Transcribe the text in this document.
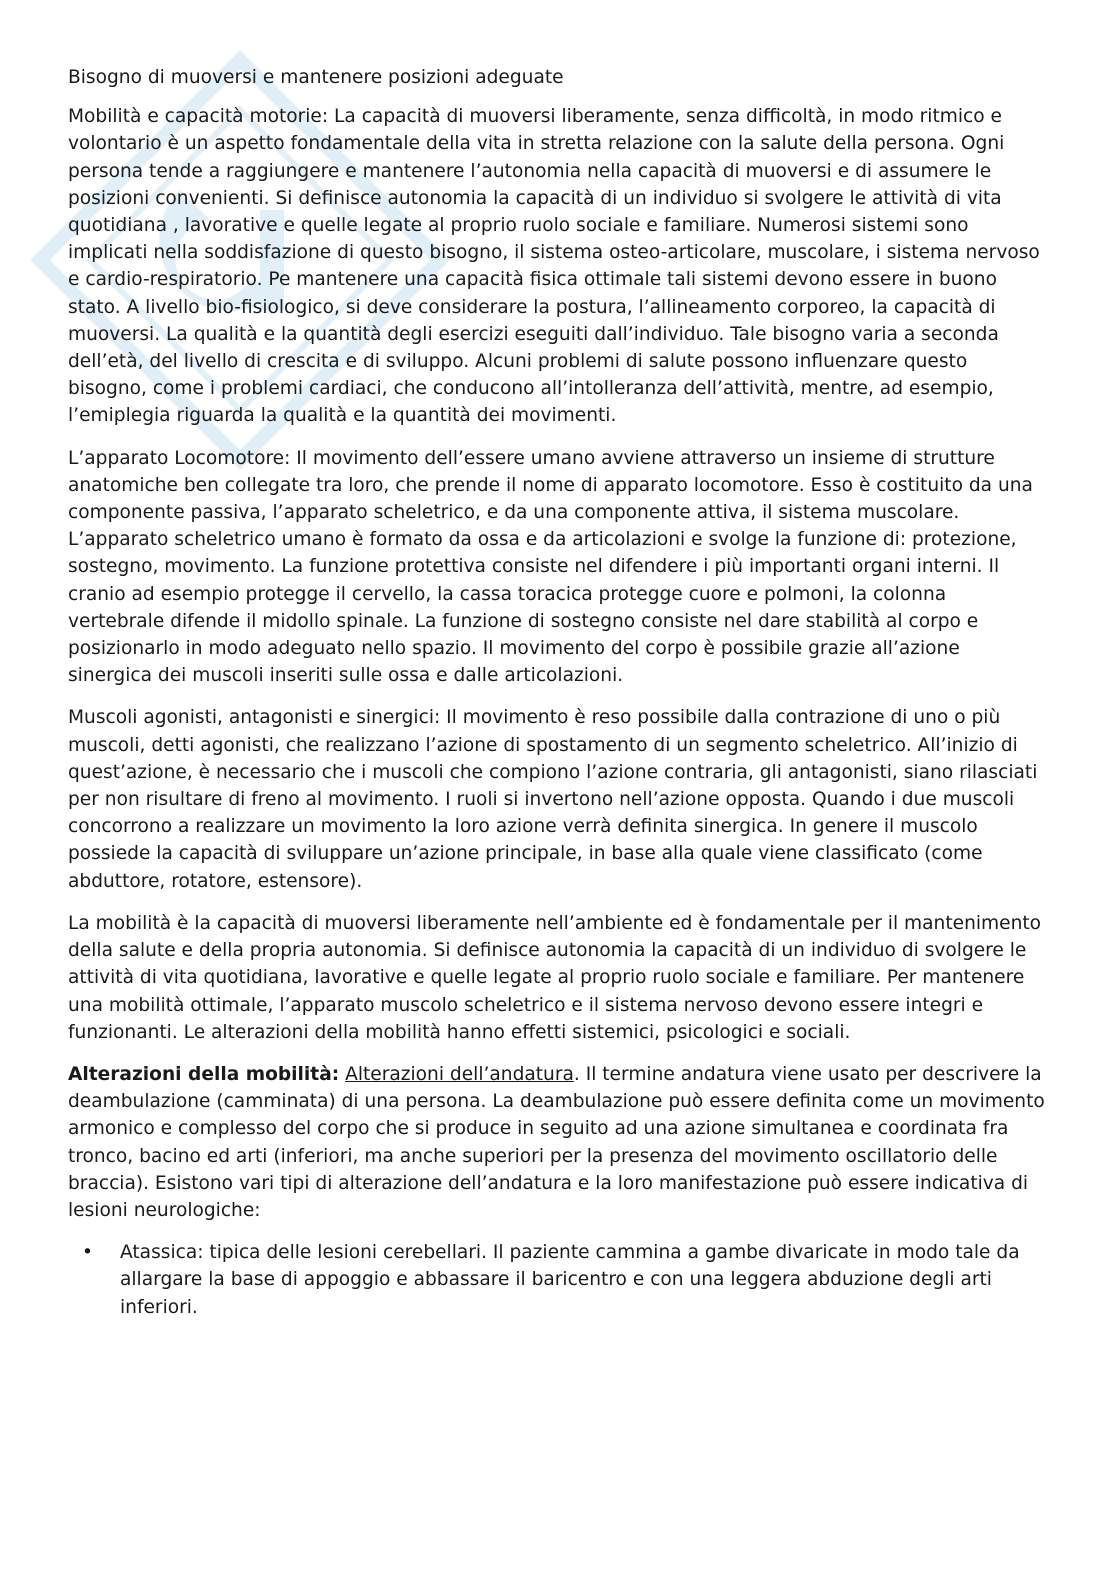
Bisogno di muoversi e mantenere posizioni adeguate

Mobilità e capacità motorie: La capacità di muoversi liberamente, senza difficoltà, in modo ritmico e volontario è un aspetto fondamentale della vita in stretta relazione con la salute della persona. Ogni persona tende a raggiungere e mantenere l’autonomia nella capacità di muoversi e di assumere le posizioni convenienti. Si definisce autonomia la capacità di un individuo si svolgere le attività di vita quotidiana , lavorative e quelle legate al proprio ruolo sociale e familiare. Numerosi sistemi sono implicati nella soddisfazione di questo bisogno, il sistema osteo-articolare, muscolare, i sistema nervoso e cardio-respiratorio. Pe mantenere una capacità fisica ottimale tali sistemi devono essere in buono stato. A livello bio-fisiologico, si deve considerare la postura, l’allineamento corporeo, la capacità di muoversi. La qualità e la quantità degli esercizi eseguiti dall’individuo. Tale bisogno varia a seconda dell’età, del livello di crescita e di sviluppo. Alcuni problemi di salute possono influenzare questo bisogno, come i problemi cardiaci, che conducono all’intolleranza dell’attività, mentre, ad esempio, l’emiplegia riguarda la qualità e la quantità dei movimenti.

L’apparato Locomotore: Il movimento dell’essere umano avviene attraverso un insieme di strutture anatomiche ben collegate tra loro, che prende il nome di apparato locomotore. Esso è costituito da una componente passiva, l’apparato scheletrico, e da una componente attiva, il sistema muscolare. L’apparato scheletrico umano è formato da ossa e da articolazioni e svolge la funzione di: protezione, sostegno, movimento. La funzione protettiva consiste nel difendere i più importanti organi interni. Il cranio ad esempio protegge il cervello, la cassa toracica protegge cuore e polmoni, la colonna vertebrale difende il midollo spinale. La funzione di sostegno consiste nel dare stabilità al corpo e posizionarlo in modo adeguato nello spazio. Il movimento del corpo è possibile grazie all’azione sinergica dei muscoli inseriti sulle ossa e dalle articolazioni.

Muscoli agonisti, antagonisti e sinergici: Il movimento è reso possibile dalla contrazione di uno o più muscoli, detti agonisti, che realizzano l’azione di spostamento di un segmento scheletrico. All’inizio di quest’azione, è necessario che i muscoli che compiono l’azione contraria, gli antagonisti, siano rilasciati per non risultare di freno al movimento. I ruoli si invertono nell’azione opposta. Quando i due muscoli concorrono a realizzare un movimento la loro azione verrà definita sinergica. In genere il muscolo possiede la capacità di sviluppare un’azione principale, in base alla quale viene classificato (come abduttore, rotatore, estensore).

La mobilità è la capacità di muoversi liberamente nell’ambiente ed è fondamentale per il mantenimento della salute e della propria autonomia. Si definisce autonomia la capacità di un individuo di svolgere le attività di vita quotidiana, lavorative e quelle legate al proprio ruolo sociale e familiare. Per mantenere una mobilità ottimale, l’apparato muscolo scheletrico e il sistema nervoso devono essere integri e funzionanti. Le alterazioni della mobilità hanno effetti sistemici, psicologici e sociali.

Alterazioni della mobilità: Alterazioni dell’andatura. Il termine andatura viene usato per descrivere la deambulazione (camminata) di una persona. La deambulazione può essere definita come un movimento armonico e complesso del corpo che si produce in seguito ad una azione simultanea e coordinata fra tronco, bacino ed arti (inferiori, ma anche superiori per la presenza del movimento oscillatorio delle braccia). Esistono vari tipi di alterazione dell’andatura e la loro manifestazione può essere indicativa di lesioni neurologiche:

• Atassica: tipica delle lesioni cerebellari. Il paziente cammina a gambe divaricate in modo tale da allargare la base di appoggio e abbassare il baricentro e con una leggera abduzione degli arti inferiori.
